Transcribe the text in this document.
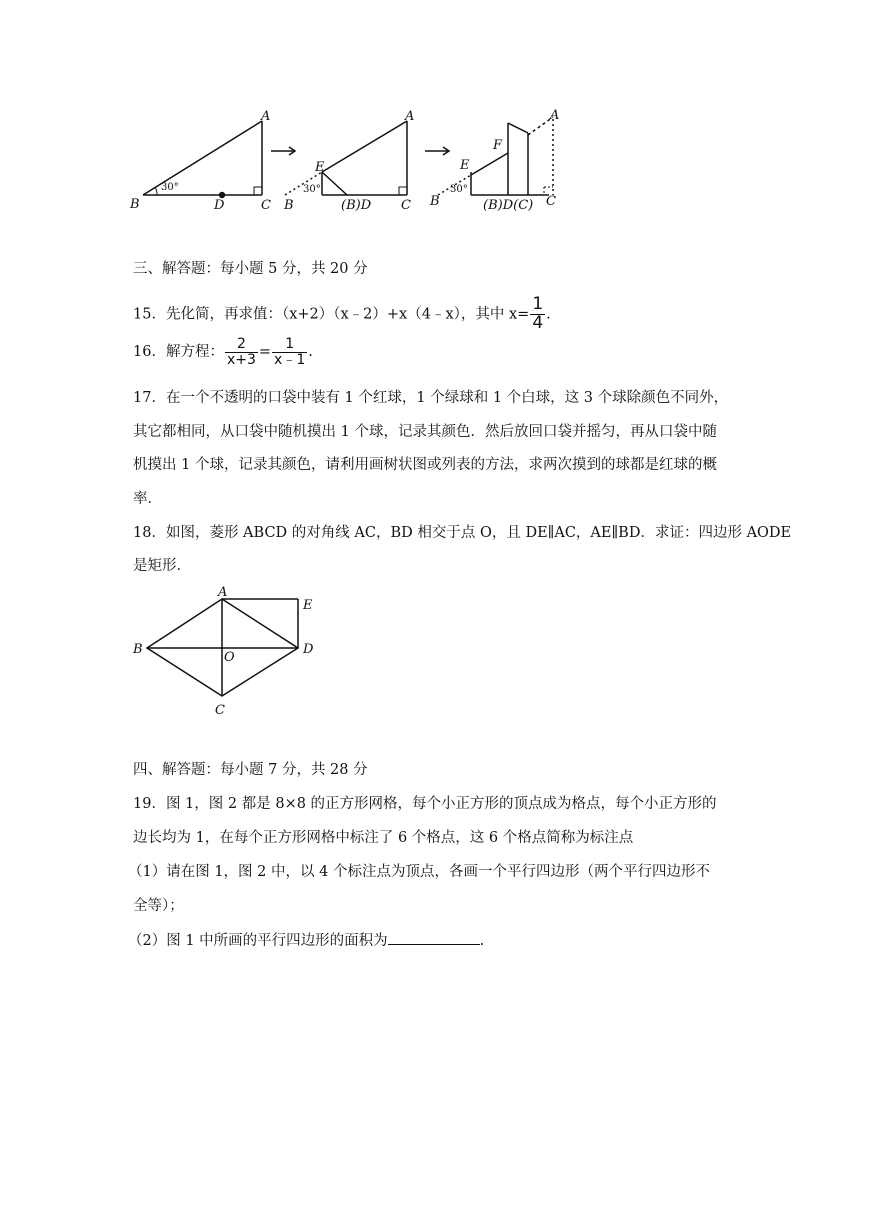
B	D	C
A
B
E
(B)D C
A
B
E
F
(B)D(C) C
A
30°	30°	30°
三、解答题：每小题 5 分，共 20 分
15．先化简，再求值：（x+2）（x﹣2）+x（4﹣x），其中 $x= \frac{1}{4}$ .
16．解方程： $\frac{2}{x+3} = \frac{1}{x﹣1}$ .
17．在一个不透明的口袋中装有 1 个红球，1 个绿球和 1 个白球，这 3 个球除颜色不同外，
其它都相同，从口袋中随机摸出 1 个球，记录其颜色．然后放回口袋并摇匀，再从口袋中随
机摸出 1 个球，记录其颜色，请利用画树状图或列表的方法，求两次摸到的球都是红球的概
率．
18．如图，菱形 ABCD 的对角线 AC，BD 相交于点 O，且 DE∥AC，AE∥BD．求证：四边形 AODE
是矩形．
A
B
C
D
E
O
四、解答题：每小题 7 分，共 28 分
19．图 1，图 2 都是 8×8 的正方形网格，每个小正方形的顶点成为格点，每个小正方形的
边长均为 1，在每个正方形网格中标注了 6 个格点，这 6 个格点简称为标注点
（1）请在图 1，图 2 中，以 4 个标注点为顶点，各画一个平行四边形（两个平行四边形不
全等）；
（2）图 1 中所画的平行四边形的面积为	.
